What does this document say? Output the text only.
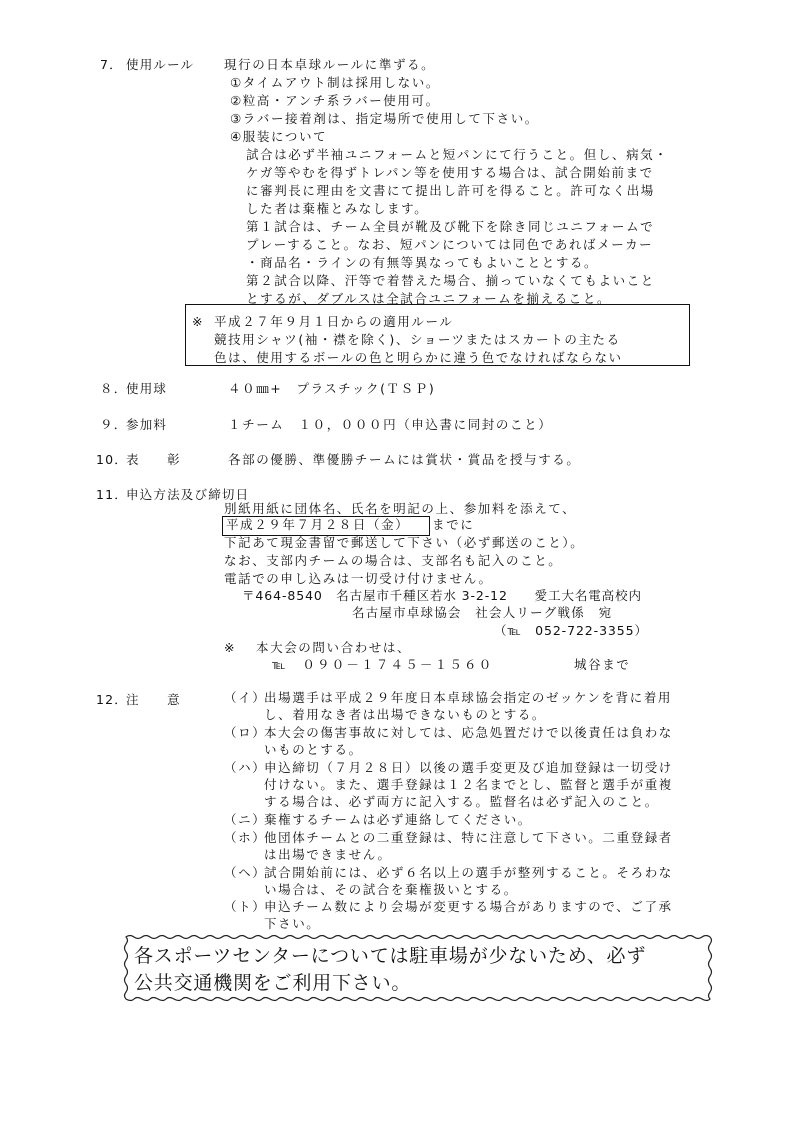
7． 使用ルール 現行の日本卓球ルールに準ずる。
①タイムアウト制は採用しない。
②粒高・アンチ系ラバー使用可。
③ラバー接着剤は、指定場所で使用して下さい。
④服装について
試合は必ず半袖ユニフォームと短パンにて行うこと。但し、病気・
ケガ等やむを得ずトレパン等を使用する場合は、試合開始前まで
に審判長に理由を文書にて提出し許可を得ること。許可なく出場
した者は棄権とみなします。
第１試合は、チーム全員が靴及び靴下を除き同じユニフォームで
プレーすること。なお、短パンについては同色であればメーカー
・商品名・ラインの有無等異なってもよいこととする。
第２試合以降、汗等で着替えた場合、揃っていなくてもよいこと
とするが、ダブルスは全試合ユニフォームを揃えること。
※ 平成２７年９月１日からの適用ルール
競技用シャツ(袖・襟を除く)、ショーツまたはスカートの主たる
色は、使用するボールの色と明らかに違う色でなければならない
８．
使用球	４０㎜+　プラスチック(ＴＳＰ)
９．
参加料	１チーム　１０，０００円（申込書に同封のこと）
10．
表　　彰	各部の優勝、準優勝チームには賞状・賞品を授与する。
11．
申込方法及び締切日
別紙用紙に団体名、氏名を明記の上、参加料を添えて、
平成２９年７月２８日（金） までに
下記あて現金書留で郵送して下さい（必ず郵送のこと）。
なお、支部内チームの場合は、支部名も記入のこと。
電話での申し込みは一切受け付けません。
〒464-8540　名古屋市千種区若水 3-2-12　　愛工大名電高校内
名古屋市卓球協会　社会人リーグ戦係　宛
（℡　052-722-3355）
※ 本大会の問い合わせは、
℡　０９０－１７４５－１５６０	城谷まで
12．
注　　意	（イ）
出場選手は平成２９年度日本卓球協会指定のゼッケンを背に着用
し、着用なき者は出場できないものとする。
（ロ）
本大会の傷害事故に対しては、応急処置だけで以後責任は負わな
いものとする。
（ハ）
申込締切（７月２８日）以後の選手変更及び追加登録は一切受け
付けない。また、選手登録は１２名までとし、監督と選手が重複
する場合は、必ず両方に記入する。監督名は必ず記入のこと。
（ニ）
棄権するチームは必ず連絡してください。
（ホ）
他団体チームとの二重登録は、特に注意して下さい。二重登録者
は出場できません。
（ヘ）
試合開始前には、必ず６名以上の選手が整列すること。そろわな
い場合は、その試合を棄権扱いとする。
（ト）
申込チーム数により会場が変更する場合がありますので、ご了承
下さい。
各スポーツセンターについては駐車場が少ないため、必ず
公共交通機関をご利用下さい。
